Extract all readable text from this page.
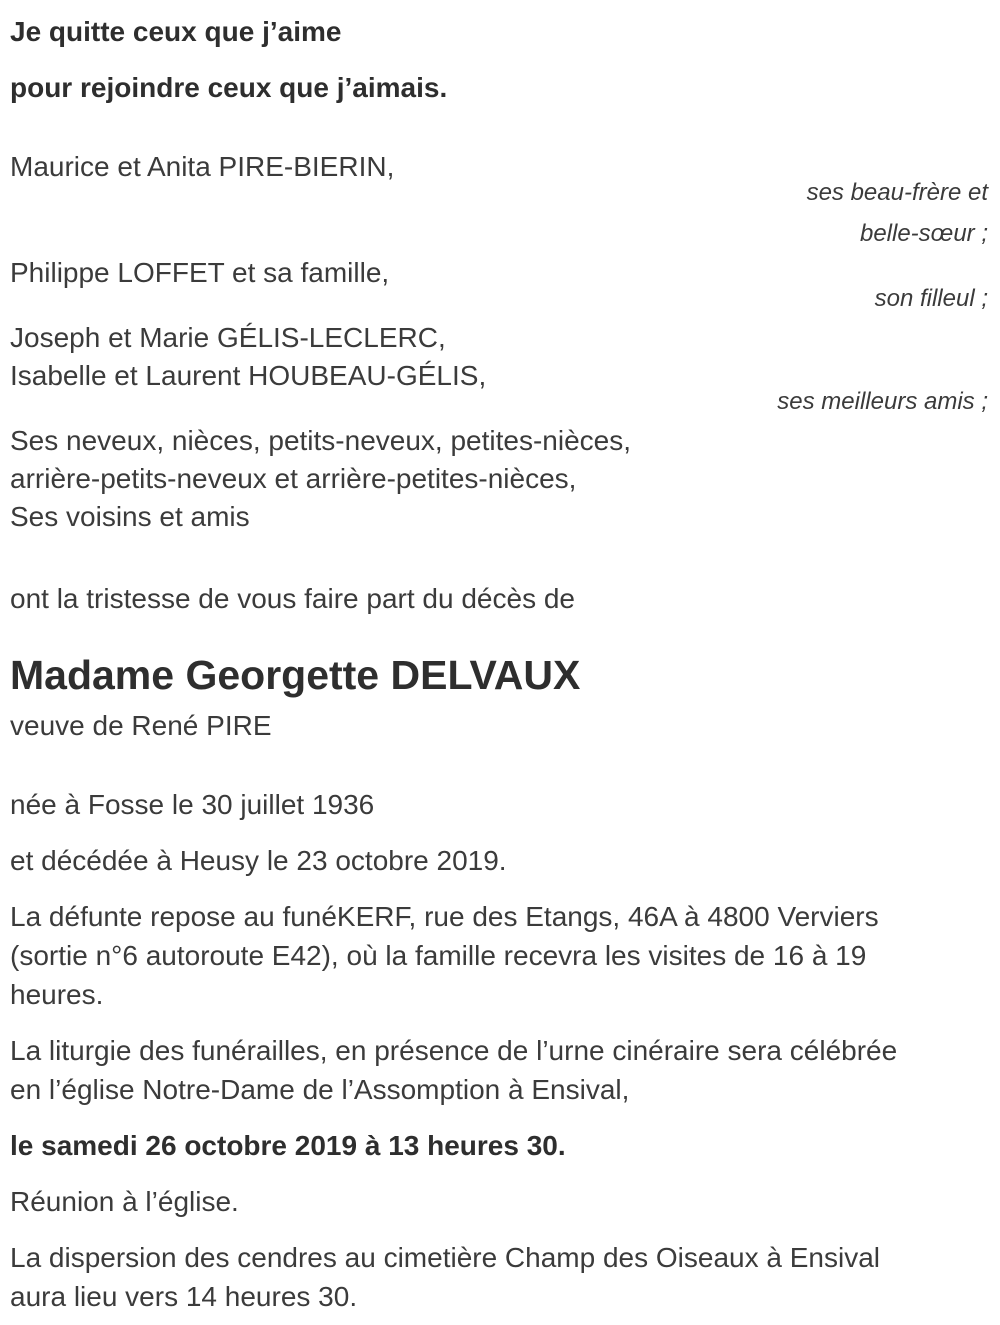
Je quitte ceux que j’aime

pour rejoindre ceux que j’aimais.

Maurice et Anita PIRE-BIERIN,
ses beau-frère et
belle-sœur ;
Philippe LOFFET et sa famille,
son filleul ;
Joseph et Marie GÉLIS-LECLERC,
Isabelle et Laurent HOUBEAU-GÉLIS,
ses meilleurs amis ;
Ses neveux, nièces, petits-neveux, petites-nièces,
arrière-petits-neveux et arrière-petites-nièces,
Ses voisins et amis

ont la tristesse de vous faire part du décès de

Madame Georgette DELVAUX

veuve de René PIRE

née à Fosse le 30 juillet 1936

et décédée à Heusy le 23 octobre 2019.

La défunte repose au funéKERF, rue des Etangs, 46A à 4800 Verviers
(sortie n°6 autoroute E42), où la famille recevra les visites de 16 à 19
heures.

La liturgie des funérailles, en présence de l’urne cinéraire sera célébrée
en l’église Notre-Dame de l’Assomption à Ensival,

le samedi 26 octobre 2019 à 13 heures 30.

Réunion à l’église.

La dispersion des cendres au cimetière Champ des Oiseaux à Ensival
aura lieu vers 14 heures 30.
